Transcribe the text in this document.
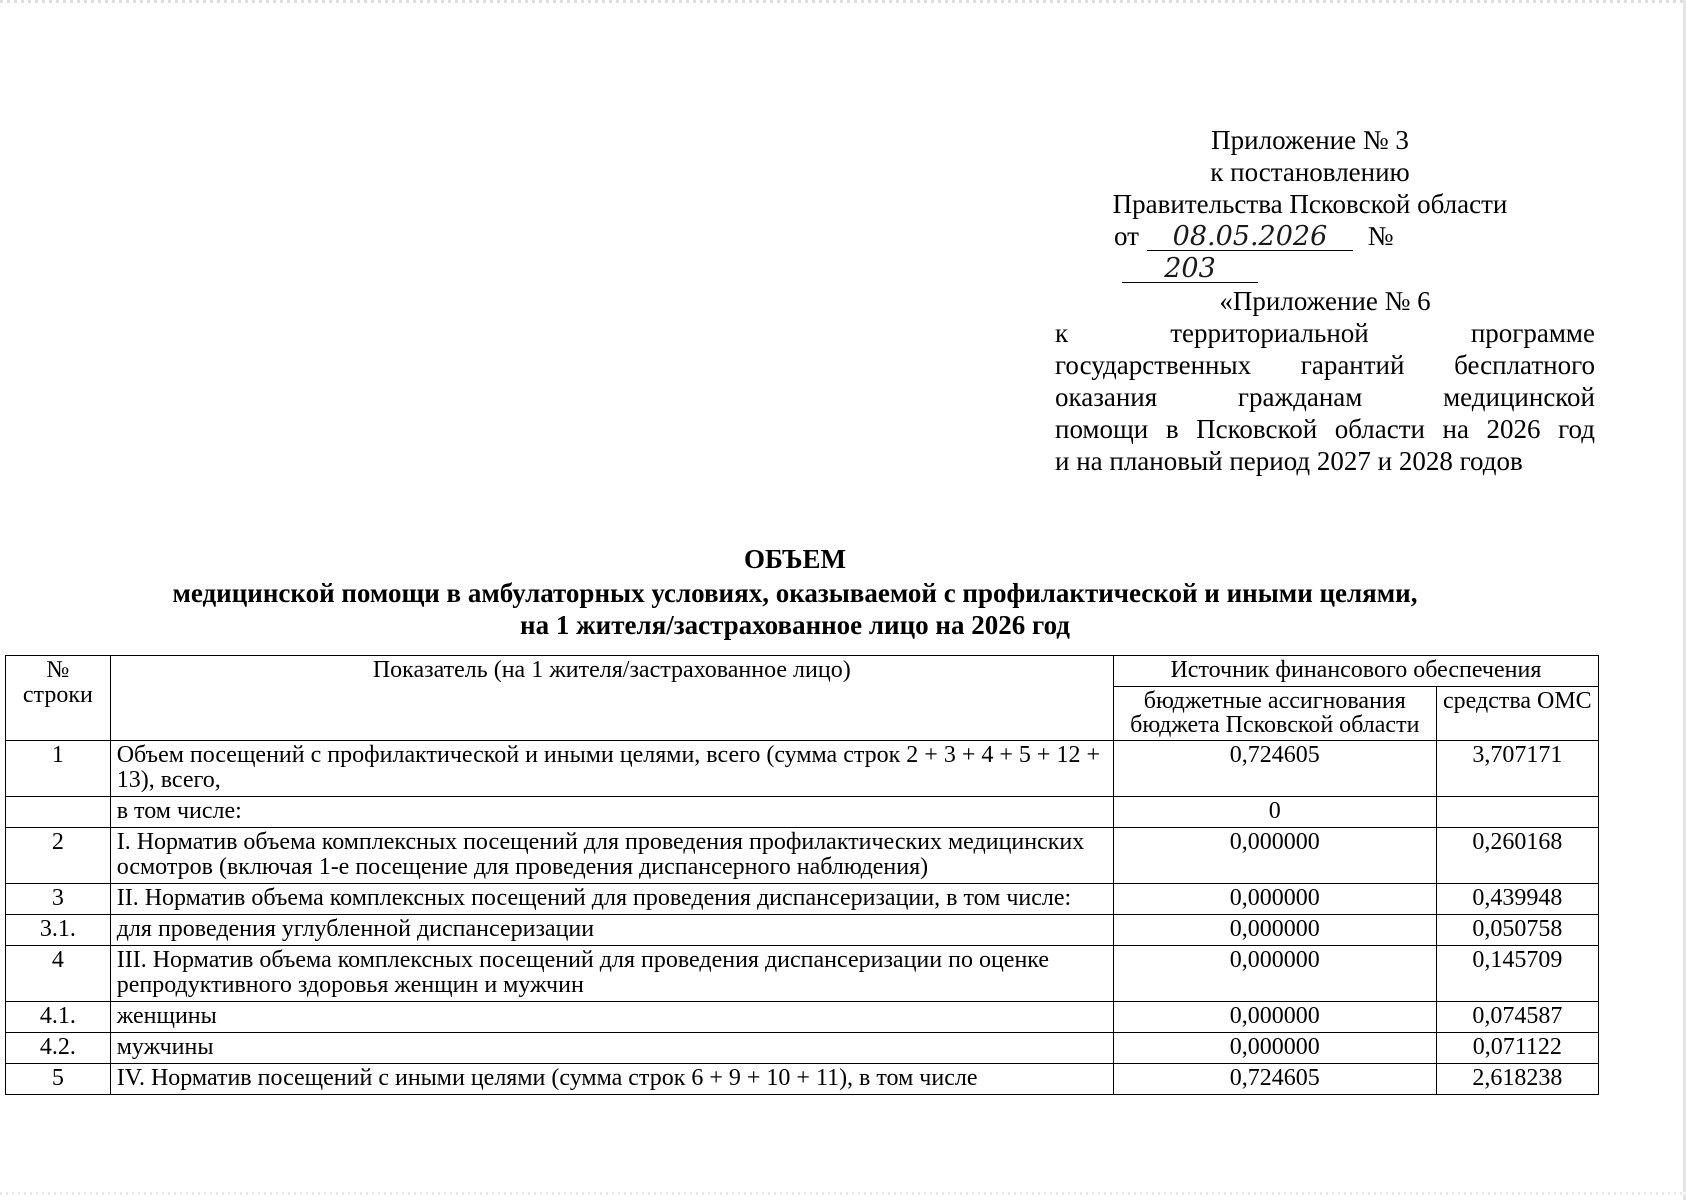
Приложение № 3
к постановлению
Правительства Псковской области
от 08.05.2026 №203
«Приложение № 6
к территориальной программе
государственных гарантий бесплатного
оказания гражданам медицинской
помощи в Псковской области на 2026 год
и на плановый период 2027 и 2028 годов
ОБЪЕМ
медицинской помощи в амбулаторных условиях, оказываемой с профилактической и иными целями,
на 1 жителя/застрахованное лицо на 2026 год
№ строки	Показатель (на 1 жителя/застрахованное лицо)	Источник финансового обеспечения	
		бюджетные ассигнования бюджета Псковской области	средства ОМС
1	Объем посещений с профилактической и иными целями, всего (сумма строк 2 + 3 + 4 + 5 + 12 + 13), всего,	0,724605	3,707171
	в том числе:	0	
2	I. Норматив объема комплексных посещений для проведения профилактических медицинских осмотров (включая 1-е посещение для проведения диспансерного наблюдения)	0,000000	0,260168
3	II. Норматив объема комплексных посещений для проведения диспансеризации, в том числе:	0,000000	0,439948
3.1.	для проведения углубленной диспансеризации	0,000000	0,050758
4	III. Норматив объема комплексных посещений для проведения диспансеризации по оценке репродуктивного здоровья женщин и мужчин	0,000000	0,145709
4.1.	женщины	0,000000	0,074587
4.2.	мужчины	0,000000	0,071122
5	IV. Норматив посещений с иными целями (сумма строк 6 + 9 + 10 + 11), в том числе	0,724605	2,618238
